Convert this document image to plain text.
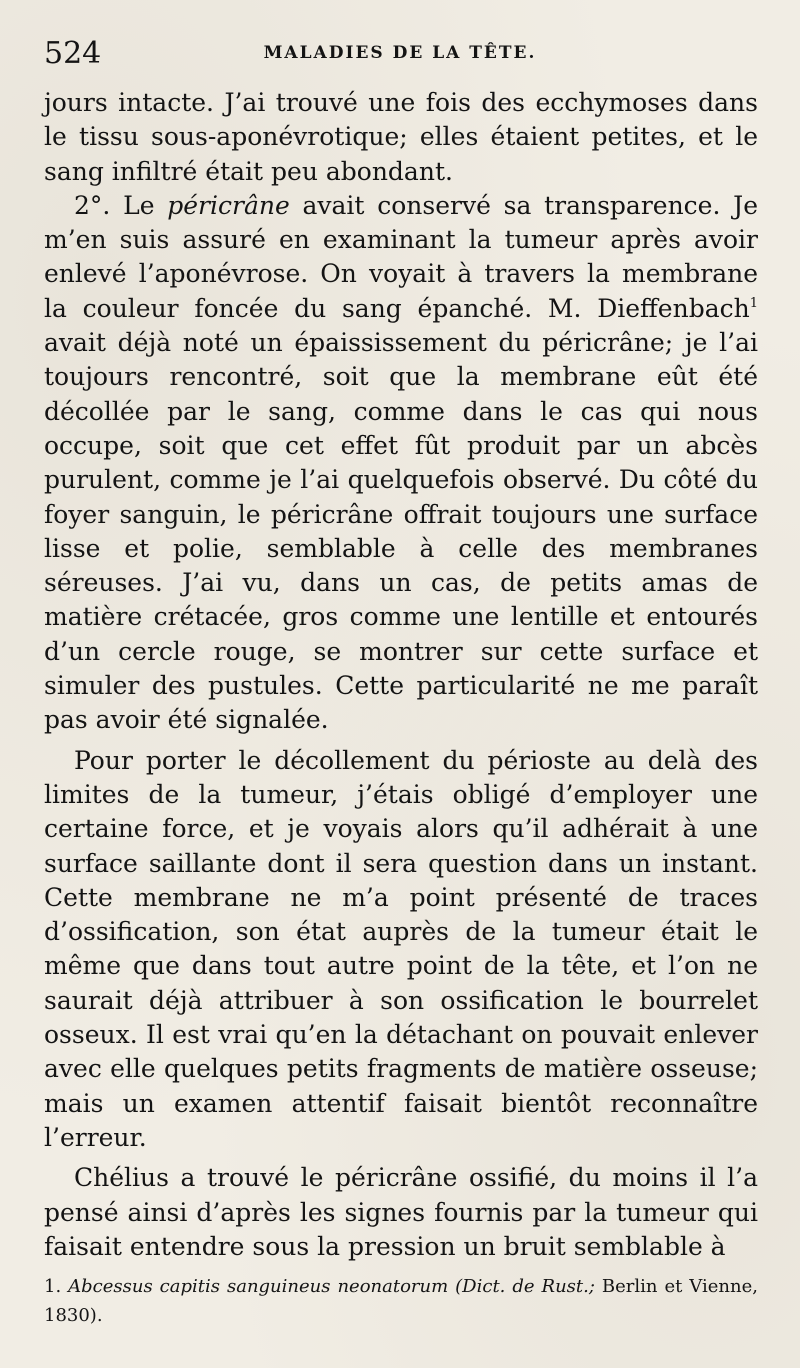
524	MALADIES DE LA TÊTE.

jours intacte. J’ai trouvé une fois des ecchymoses dans le tissu sous-aponévrotique; elles étaient petites, et le sang infiltré était peu abondant.

2°. Le péricrâne avait conservé sa transparence. Je m’en suis assuré en examinant la tumeur après avoir enlevé l’aponévrose. On voyait à travers la membrane la couleur foncée du sang épanché. M. Dieffenbach$^1$ avait déjà noté un épaississement du péricrâne; je l’ai toujours rencontré, soit que la membrane eût été décollée par le sang, comme dans le cas qui nous occupe, soit que cet effet fût produit par un abcès purulent, comme je l’ai quelquefois observé. Du côté du foyer sanguin, le péricrâne offrait toujours une surface lisse et polie, semblable à celle des membranes séreuses. J’ai vu, dans un cas, de petits amas de matière crétacée, gros comme une lentille et entourés d’un cercle rouge, se montrer sur cette surface et simuler des pustules. Cette particularité ne me paraît pas avoir été signalée.

Pour porter le décollement du périoste au delà des limites de la tumeur, j’étais obligé d’employer une certaine force, et je voyais alors qu’il adhérait à une surface saillante dont il sera question dans un instant. Cette membrane ne m’a point présenté de traces d’ossification, son état auprès de la tumeur était le même que dans tout autre point de la tête, et l’on ne saurait déjà attribuer à son ossification le bourrelet osseux. Il est vrai qu’en la détachant on pouvait enlever avec elle quelques petits fragments de matière osseuse; mais un examen attentif faisait bientôt reconnaître l’erreur.

Chélius a trouvé le péricrâne ossifié, du moins il l’a pensé ainsi d’après les signes fournis par la tumeur qui faisait entendre sous la pression un bruit semblable à

1. Abcessus capitis sanguineus neonatorum (Dict. de Rust.; Berlin et Vienne, 1830).
